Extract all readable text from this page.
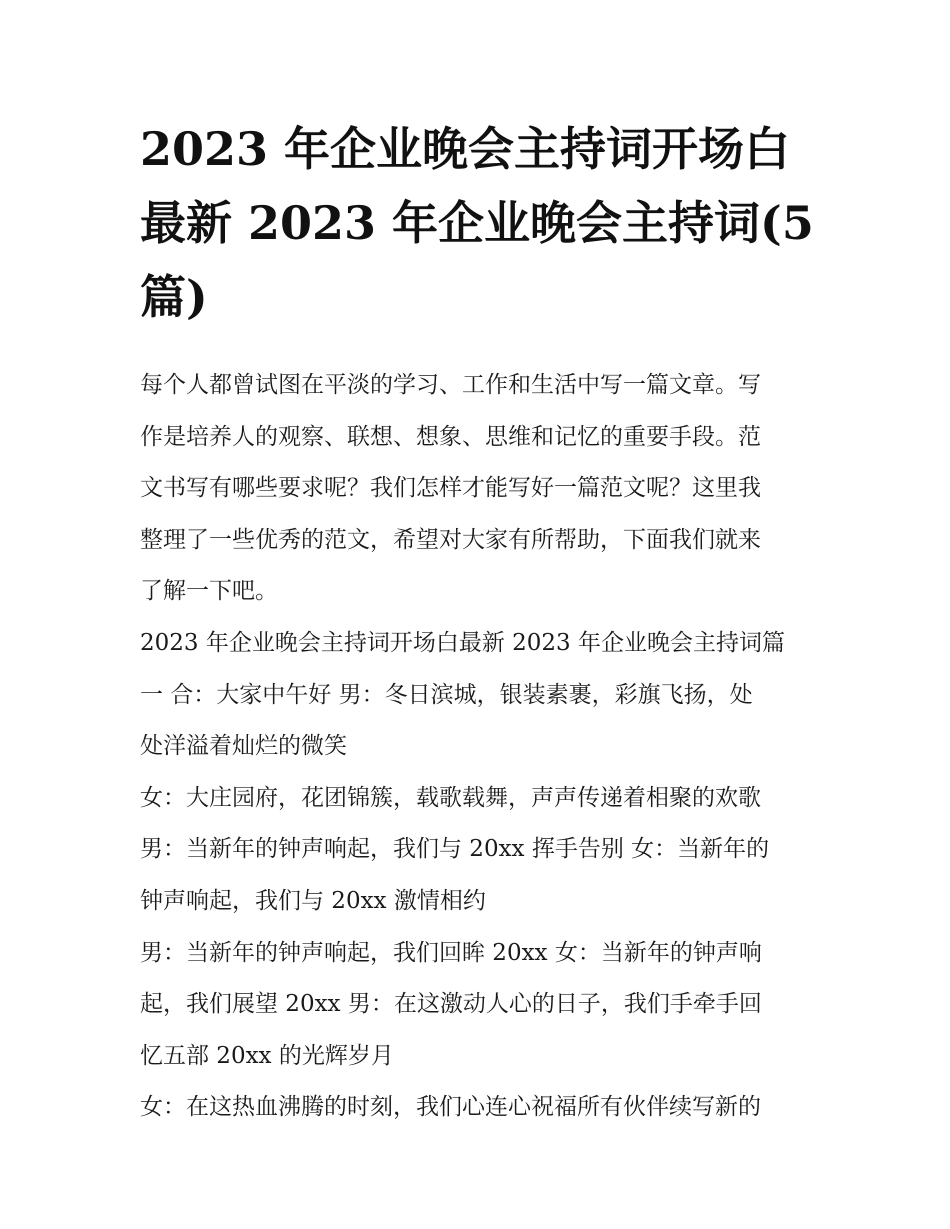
2023 年企业晚会主持词开场白
最新 2023 年企业晚会主持词(5
篇)

每个人都曾试图在平淡的学习、工作和生活中写一篇文章。写
作是培养人的观察、联想、想象、思维和记忆的重要手段。范
文书写有哪些要求呢？我们怎样才能写好一篇范文呢？这里我
整理了一些优秀的范文，希望对大家有所帮助，下面我们就来
了解一下吧。

2023 年企业晚会主持词开场白最新 2023 年企业晚会主持词篇
一 合：大家中午好 男：冬日滨城，银装素裹，彩旗飞扬，处
处洋溢着灿烂的微笑

女：大庄园府，花团锦簇，载歌载舞，声声传递着相聚的欢歌
男：当新年的钟声响起，我们与 20xx 挥手告别 女：当新年的
钟声响起，我们与 20xx 激情相约

男：当新年的钟声响起，我们回眸 20xx 女：当新年的钟声响
起，我们展望 20xx 男：在这激动人心的日子，我们手牵手回
忆五部 20xx 的光辉岁月

女：在这热血沸腾的时刻，我们心连心祝福所有伙伴续写新的
